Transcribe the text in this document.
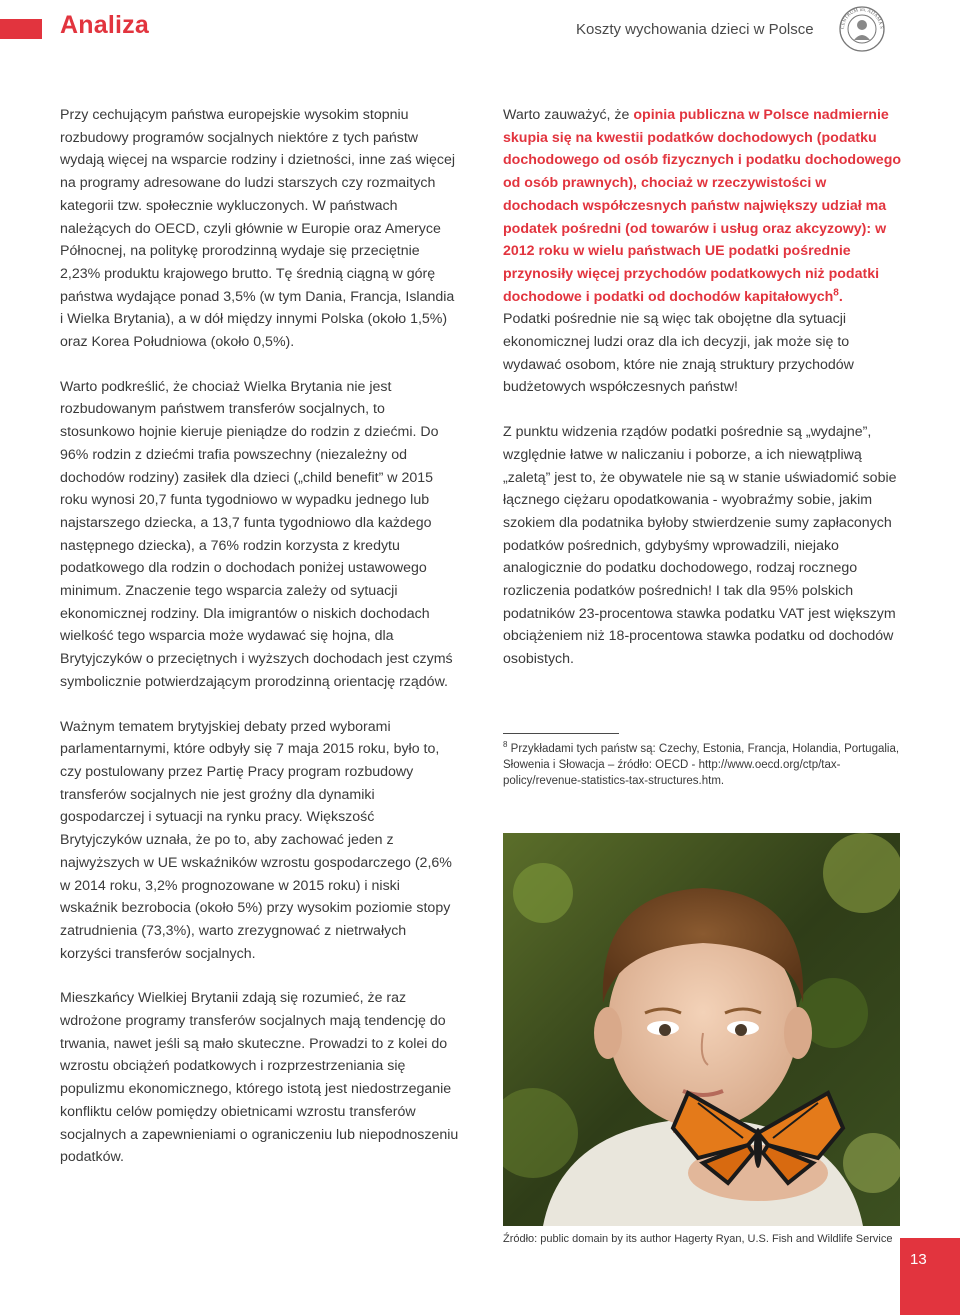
Analiza	Koszty wychowania dzieci w Polsce	CENTRUM im. ADAMA S

Przy cechującym państwa europejskie wysokim stopniu rozbudowy programów socjalnych niektóre z tych państw wydają więcej na wsparcie rodziny i dzietności, inne zaś więcej na programy adresowane do ludzi starszych czy rozmaitych kategorii tzw. społecznie wykluczonych. W państwach należących do OECD, czyli głównie w Europie oraz Ameryce Północnej, na politykę prorodzinną wydaje się przeciętnie 2,23% produktu krajowego brutto. Tę średnią ciągną w górę państwa wydające ponad 3,5% (w tym Dania, Francja, Islandia i Wielka Brytania), a w dół między innymi Polska (około 1,5%) oraz Korea Południowa (około 0,5%).

Warto podkreślić, że chociaż Wielka Brytania nie jest rozbudowanym państwem transferów socjalnych, to stosunkowo hojnie kieruje pieniądze do rodzin z dziećmi. Do 96% rodzin z dziećmi trafia powszechny (niezależny od dochodów rodziny) zasiłek dla dzieci („child benefit” w 2015 roku wynosi 20,7 funta tygodniowo w wypadku jednego lub najstarszego dziecka, a 13,7 funta tygodniowo dla każdego następnego dziecka), a 76% rodzin korzysta z kredytu podatkowego dla rodzin o dochodach poniżej ustawowego minimum. Znaczenie tego wsparcia zależy od sytuacji ekonomicznej rodziny. Dla imigrantów o niskich dochodach wielkość tego wsparcia może wydawać się hojna, dla Brytyjczyków o przeciętnych i wyższych dochodach jest czymś symbolicznie potwierdzającym prorodzinną orientację rządów.

Ważnym tematem brytyjskiej debaty przed wyborami parlamentarnymi, które odbyły się 7 maja 2015 roku, było to, czy postulowany przez Partię Pracy program rozbudowy transferów socjalnych nie jest groźny dla dynamiki gospodarczej i sytuacji na rynku pracy. Większość Brytyjczyków uznała, że po to, aby zachować jeden z najwyższych w UE wskaźników wzrostu gospodarczego (2,6% w 2014 roku, 3,2% prognozowane w 2015 roku) i niski wskaźnik bezrobocia (około 5%) przy wysokim poziomie stopy zatrudnienia (73,3%), warto zrezygnować z nietrwałych korzyści transferów socjalnych.

Mieszkańcy Wielkiej Brytanii zdają się rozumieć, że raz wdrożone programy transferów socjalnych mają tendencję do trwania, nawet jeśli są mało skuteczne. Prowadzi to z kolei do wzrostu obciążeń podatkowych i rozprzestrzeniania się populizmu ekonomicznego, którego istotą jest niedostrzeganie konfliktu celów pomiędzy obietnicami wzrostu transferów socjalnych a zapewnieniami o ograniczeniu lub niepodnoszeniu podatków.

Warto zauważyć, że opinia publiczna w Polsce nadmiernie skupia się na kwestii podatków dochodowych (podatku dochodowego od osób fizycznych i podatku dochodowego od osób prawnych), chociaż w rzeczywistości w dochodach współczesnych państw największy udział ma podatek pośredni (od towarów i usług oraz akcyzowy): w 2012 roku w wielu państwach UE podatki pośrednie przynosiły więcej przychodów podatkowych niż podatki dochodowe i podatki od dochodów kapitałowych$^8$.

Podatki pośrednie nie są więc tak obojętne dla sytuacji ekonomicznej ludzi oraz dla ich decyzji, jak może się to wydawać osobom, które nie znają struktury przychodów budżetowych współczesnych państw!

Z punktu widzenia rządów podatki pośrednie są „wydajne”, względnie łatwe w naliczaniu i poborze, a ich niewątpliwą „zaletą” jest to, że obywatele nie są w stanie uświadomić sobie łącznego ciężaru opodatkowania - wyobraźmy sobie, jakim szokiem dla podatnika byłoby stwierdzenie sumy zapłaconych podatków pośrednich, gdybyśmy wprowadzili, niejako analogicznie do podatku dochodowego, rodzaj rocznego rozliczenia podatków pośrednich! I tak dla 95% polskich podatników 23-procentowa stawka podatku VAT jest większym obciążeniem niż 18-procentowa stawka podatku od dochodów osobistych.

$^8$ Przykładami tych państw są: Czechy, Estonia, Francja, Holandia, Portugalia, Słowenia i Słowacja – źródło: OECD - http://www.oecd.org/ctp/tax-policy/revenue-statistics-tax-structures.htm.
Źródło: public domain by its author Hagerty Ryan, U.S. Fish and Wildlife Service
13
